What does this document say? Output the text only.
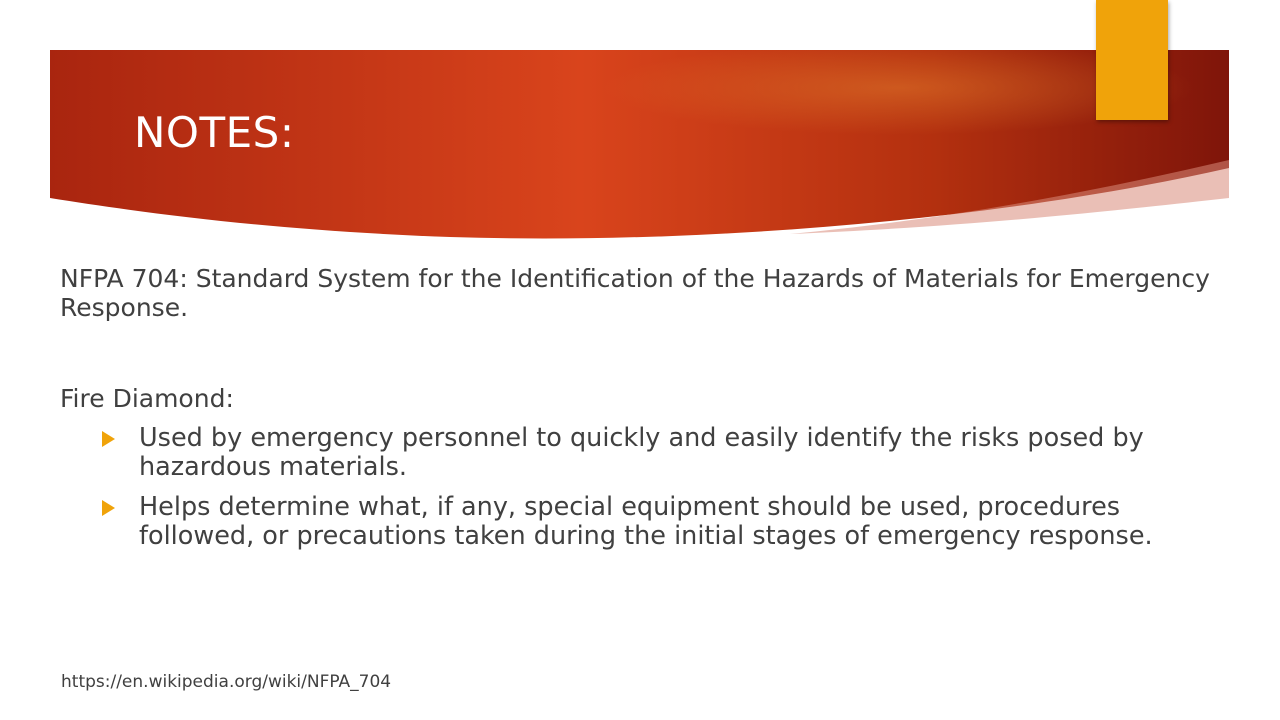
NOTES:

NFPA 704: Standard System for the Identification of the Hazards of Materials for Emergency Response.

Fire Diamond:

Used by emergency personnel to quickly and easily identify the risks posed by hazardous materials.
Helps determine what, if any, special equipment should be used, procedures followed, or precautions taken during the initial stages of emergency response.
https://en.wikipedia.org/wiki/NFPA_704
